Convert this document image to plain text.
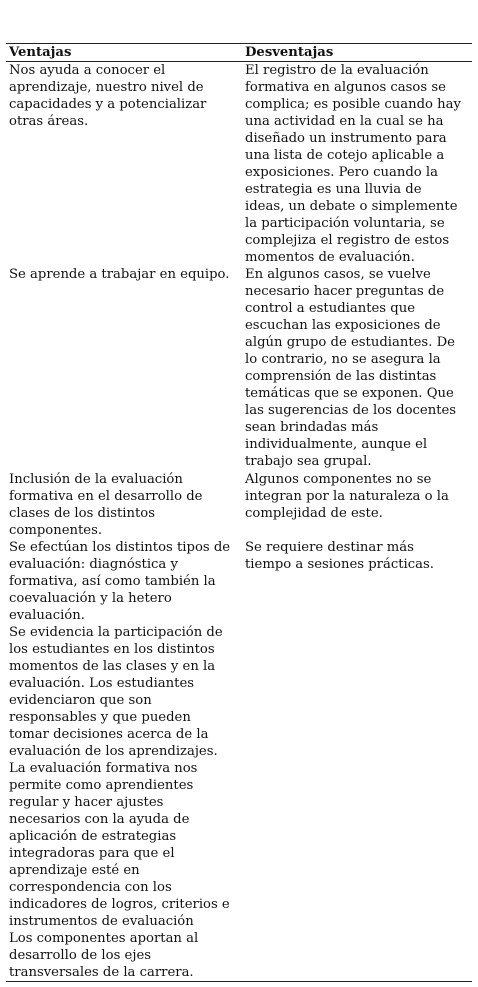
Ventajas	Desventajas
Nos ayuda a conocer el aprendizaje, nuestro nivel de capacidades y a potencializar otras áreas.	El registro de la evaluación formativa en algunos casos se complica; es posible cuando hay una actividad en la cual se ha diseñado un instrumento para una lista de cotejo aplicable a exposiciones. Pero cuando la estrategia es una lluvia de ideas, un debate o simplemente la participación voluntaria, se complejiza el registro de estos momentos de evaluación.
Se aprende a trabajar en equipo.	En algunos casos, se vuelve necesario hacer preguntas de control a estudiantes que escuchan las exposiciones de algún grupo de estudiantes. De lo contrario, no se asegura la comprensión de las distintas temáticas que se exponen. Que las sugerencias de los docentes sean brindadas más individualmente, aunque el trabajo sea grupal.
Inclusión de la evaluación formativa en el desarrollo de clases de los distintos componentes.	Algunos componentes no se integran por la naturaleza o la complejidad de este.
Se efectúan los distintos tipos de evaluación: diagnóstica y formativa, así como también la coevaluación y la hetero evaluación.	Se requiere destinar más tiempo a sesiones prácticas.
Se evidencia la participación de los estudiantes en los distintos momentos de las clases y en la evaluación. Los estudiantes evidenciaron que son responsables y que pueden tomar decisiones acerca de la evaluación de los aprendizajes.	
La evaluación formativa nos permite como aprendientes regular y hacer ajustes necesarios con la ayuda de aplicación de estrategias integradoras para que el aprendizaje esté en correspondencia con los indicadores de logros, criterios e instrumentos de evaluación	
Los componentes aportan al desarrollo de los ejes transversales de la carrera.	
